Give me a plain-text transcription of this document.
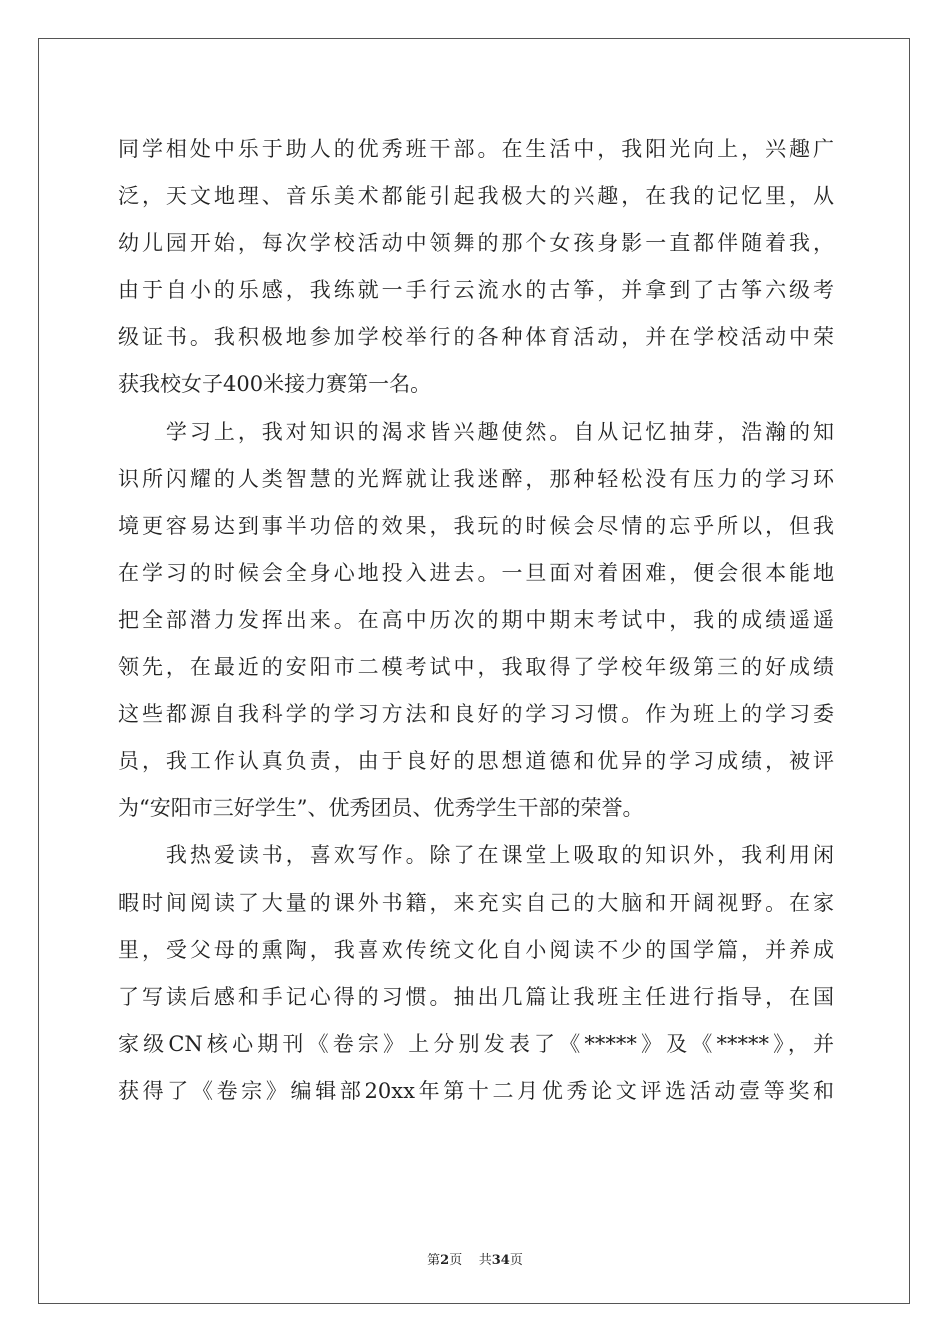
同学相处中乐于助人的优秀班干部。在生活中，我阳光向上，兴趣广
泛，天文地理、音乐美术都能引起我极大的兴趣，在我的记忆里，从
幼儿园开始，每次学校活动中领舞的那个女孩身影一直都伴随着我，
由于自小的乐感，我练就一手行云流水的古筝，并拿到了古筝六级考
级证书。我积极地参加学校举行的各种体育活动，并在学校活动中荣
获我校女子400米接力赛第一名。
　　学习上，我对知识的渴求皆兴趣使然。自从记忆抽芽，浩瀚的知
识所闪耀的人类智慧的光辉就让我迷醉，那种轻松没有压力的学习环
境更容易达到事半功倍的效果，我玩的时候会尽情的忘乎所以，但我
在学习的时候会全身心地投入进去。一旦面对着困难，便会很本能地
把全部潜力发挥出来。在高中历次的期中期末考试中，我的成绩遥遥
领先，在最近的安阳市二模考试中，我取得了学校年级第三的好成绩
这些都源自我科学的学习方法和良好的学习习惯。作为班上的学习委
员，我工作认真负责，由于良好的思想道德和优异的学习成绩，被评
为“安阳市三好学生”、优秀团员、优秀学生干部的荣誉。
　　我热爱读书，喜欢写作。除了在课堂上吸取的知识外，我利用闲
暇时间阅读了大量的课外书籍，来充实自己的大脑和开阔视野。在家
里，受父母的熏陶，我喜欢传统文化自小阅读不少的国学篇，并养成
了写读后感和手记心得的习惯。抽出几篇让我班主任进行指导，在国
家级CN核心期刊《卷宗》上分别发表了《*****》及《*****》，并
获得了《卷宗》编辑部20xx年第十二月优秀论文评选活动壹等奖和
第2页 共34页
